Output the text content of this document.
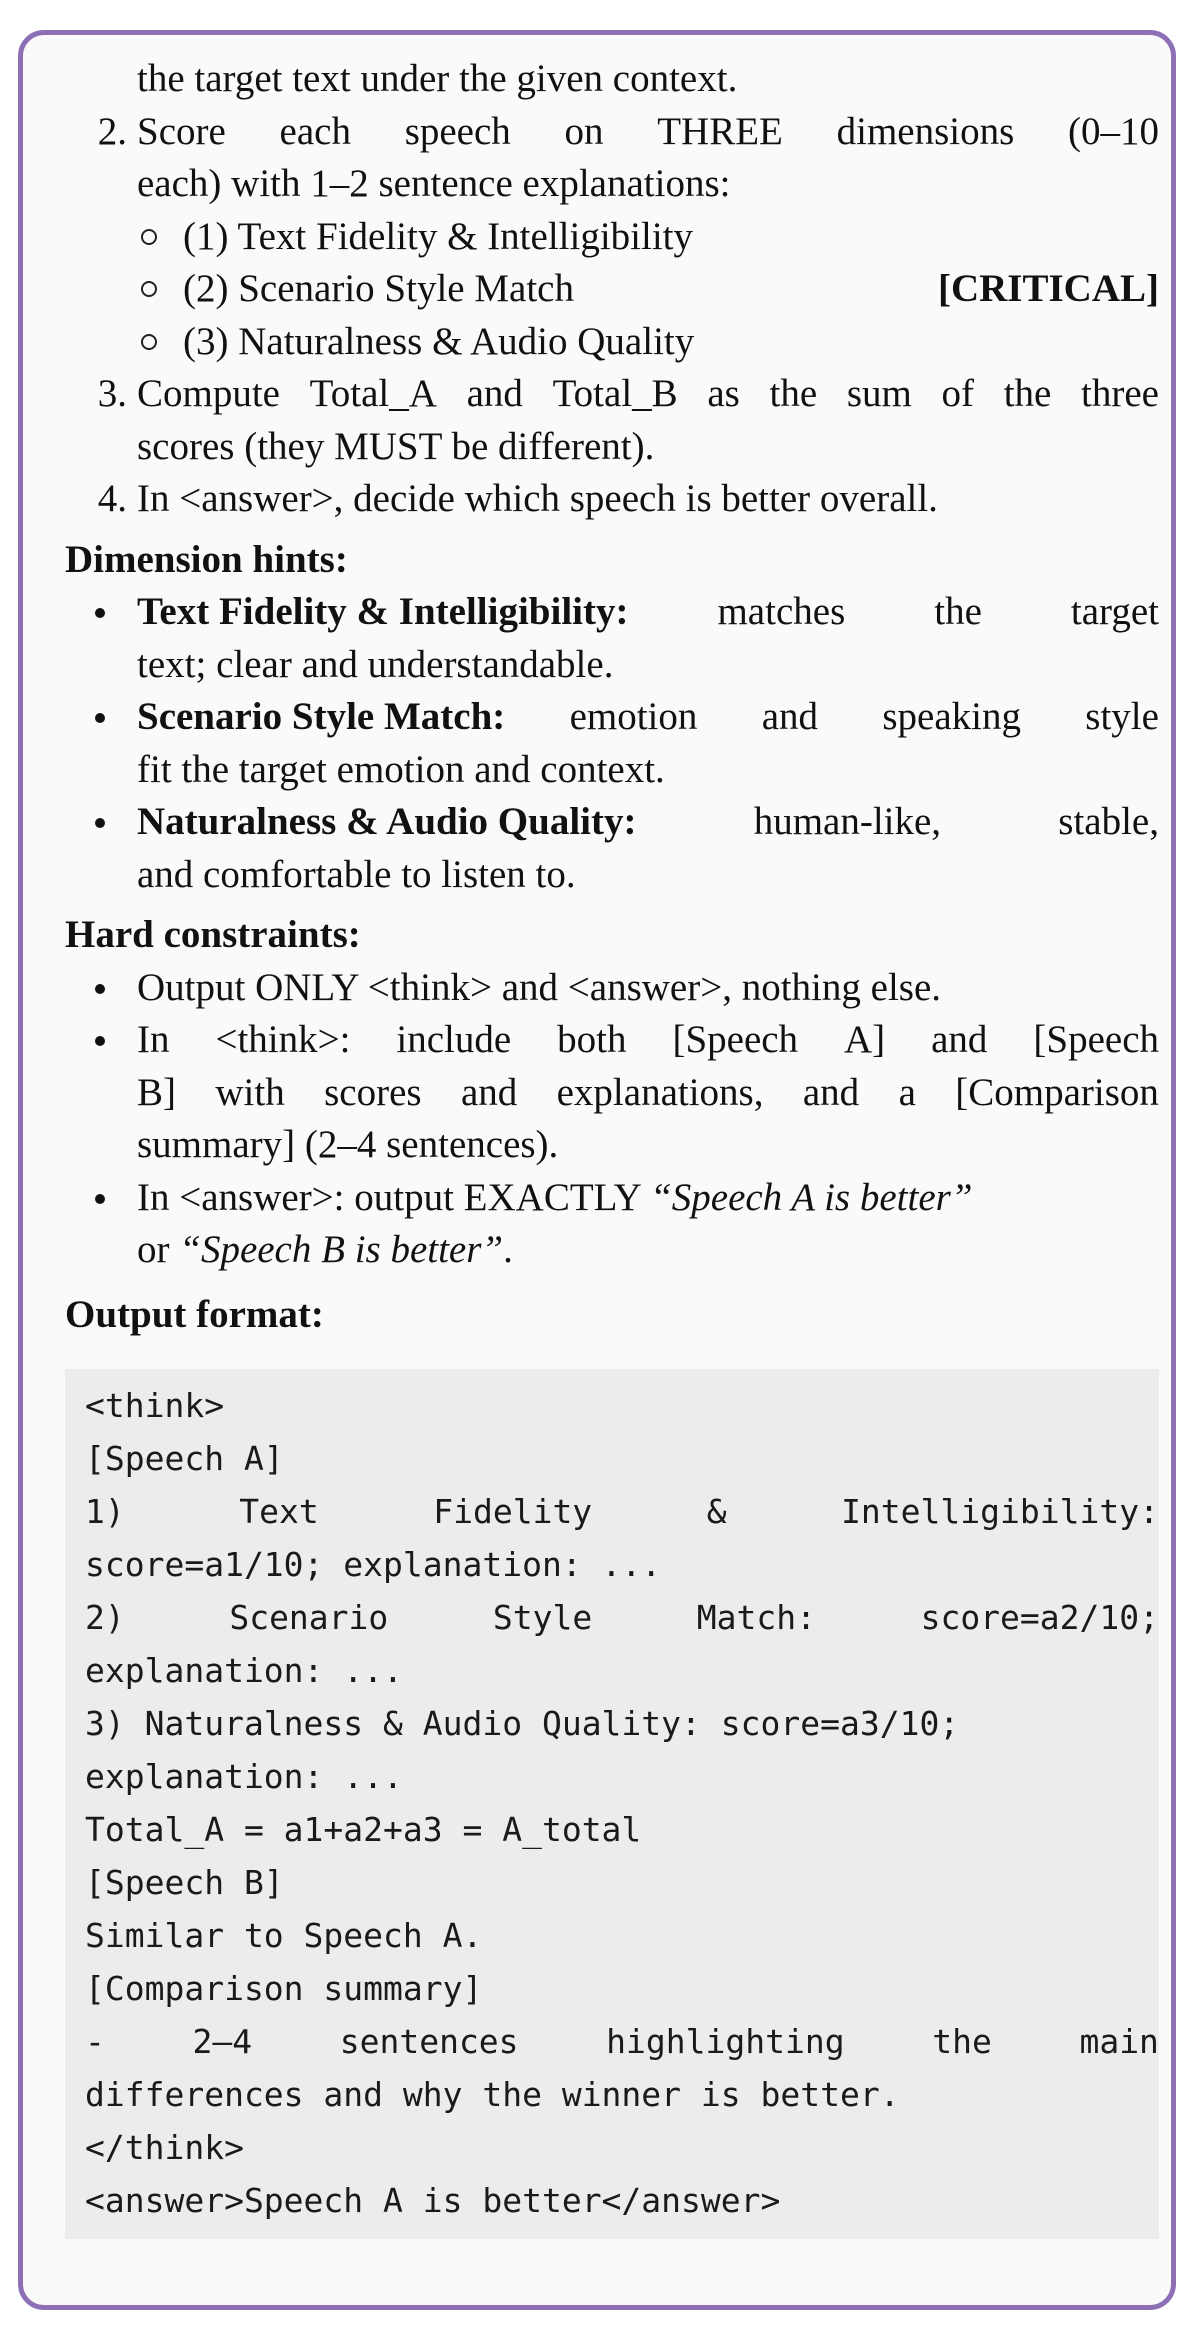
the target text under the given context.
2. Score each speech on THREE dimensions (0–10
each) with 1–2 sentence explanations:
(1) Text Fidelity & Intelligibility
(2) Scenario Style Match	[CRITICAL]
(3) Naturalness & Audio Quality
3. Compute Total_A and Total_B as the sum of the three
scores (they MUST be different).
4. In <answer>, decide which speech is better overall.
Dimension hints:
Text Fidelity & Intelligibility: matches the target
text; clear and understandable.
Scenario Style Match: emotion and speaking style
fit the target emotion and context.
Naturalness & Audio Quality:	human-like,	stable,
and comfortable to listen to.
Hard constraints:
Output ONLY <think> and <answer>, nothing else.
In <think>: include both [Speech A] and [Speech
B] with scores and explanations, and a [Comparison
summary] (2–4 sentences).
In <answer>: output EXACTLY “Speech A is better”
or “Speech B is better”.
Output format:
<think>
[Speech A]
1)	Text	Fidelity	&	Intelligibility:
score=a1/10; explanation: ...
2)	Scenario	Style	Match:	score=a2/10;
explanation: ...
3) Naturalness & Audio Quality: score=a3/10;
explanation: ...
Total_A = a1+a2+a3 = A_total
[Speech B]
Similar to Speech A.
[Comparison summary]
-	2–4	sentences	highlighting	the	main
differences and why the winner is better.
</think>
<answer>Speech A is better</answer>
